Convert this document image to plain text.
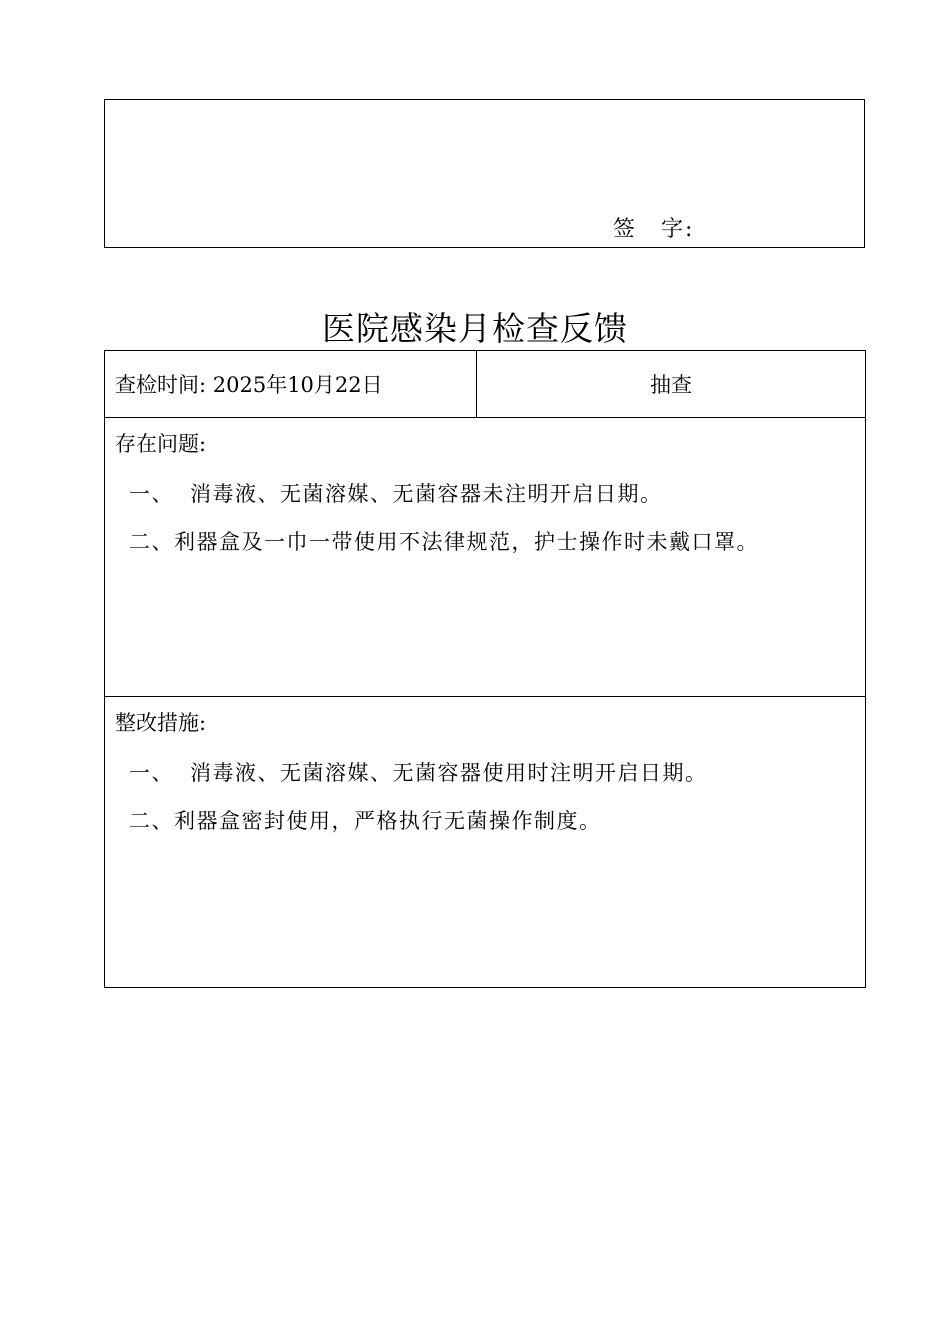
签　字:
医院感染月检查反馈
查检时间: 2025年10月22日	抽查

存在问题:
一、 消毒液、无菌溶媒、无菌容器未注明开启日期。
二、利器盒及一巾一带使用不法律规范，护士操作时未戴口罩。

整改措施:
一、 消毒液、无菌溶媒、无菌容器使用时注明开启日期。
二、利器盒密封使用，严格执行无菌操作制度。
